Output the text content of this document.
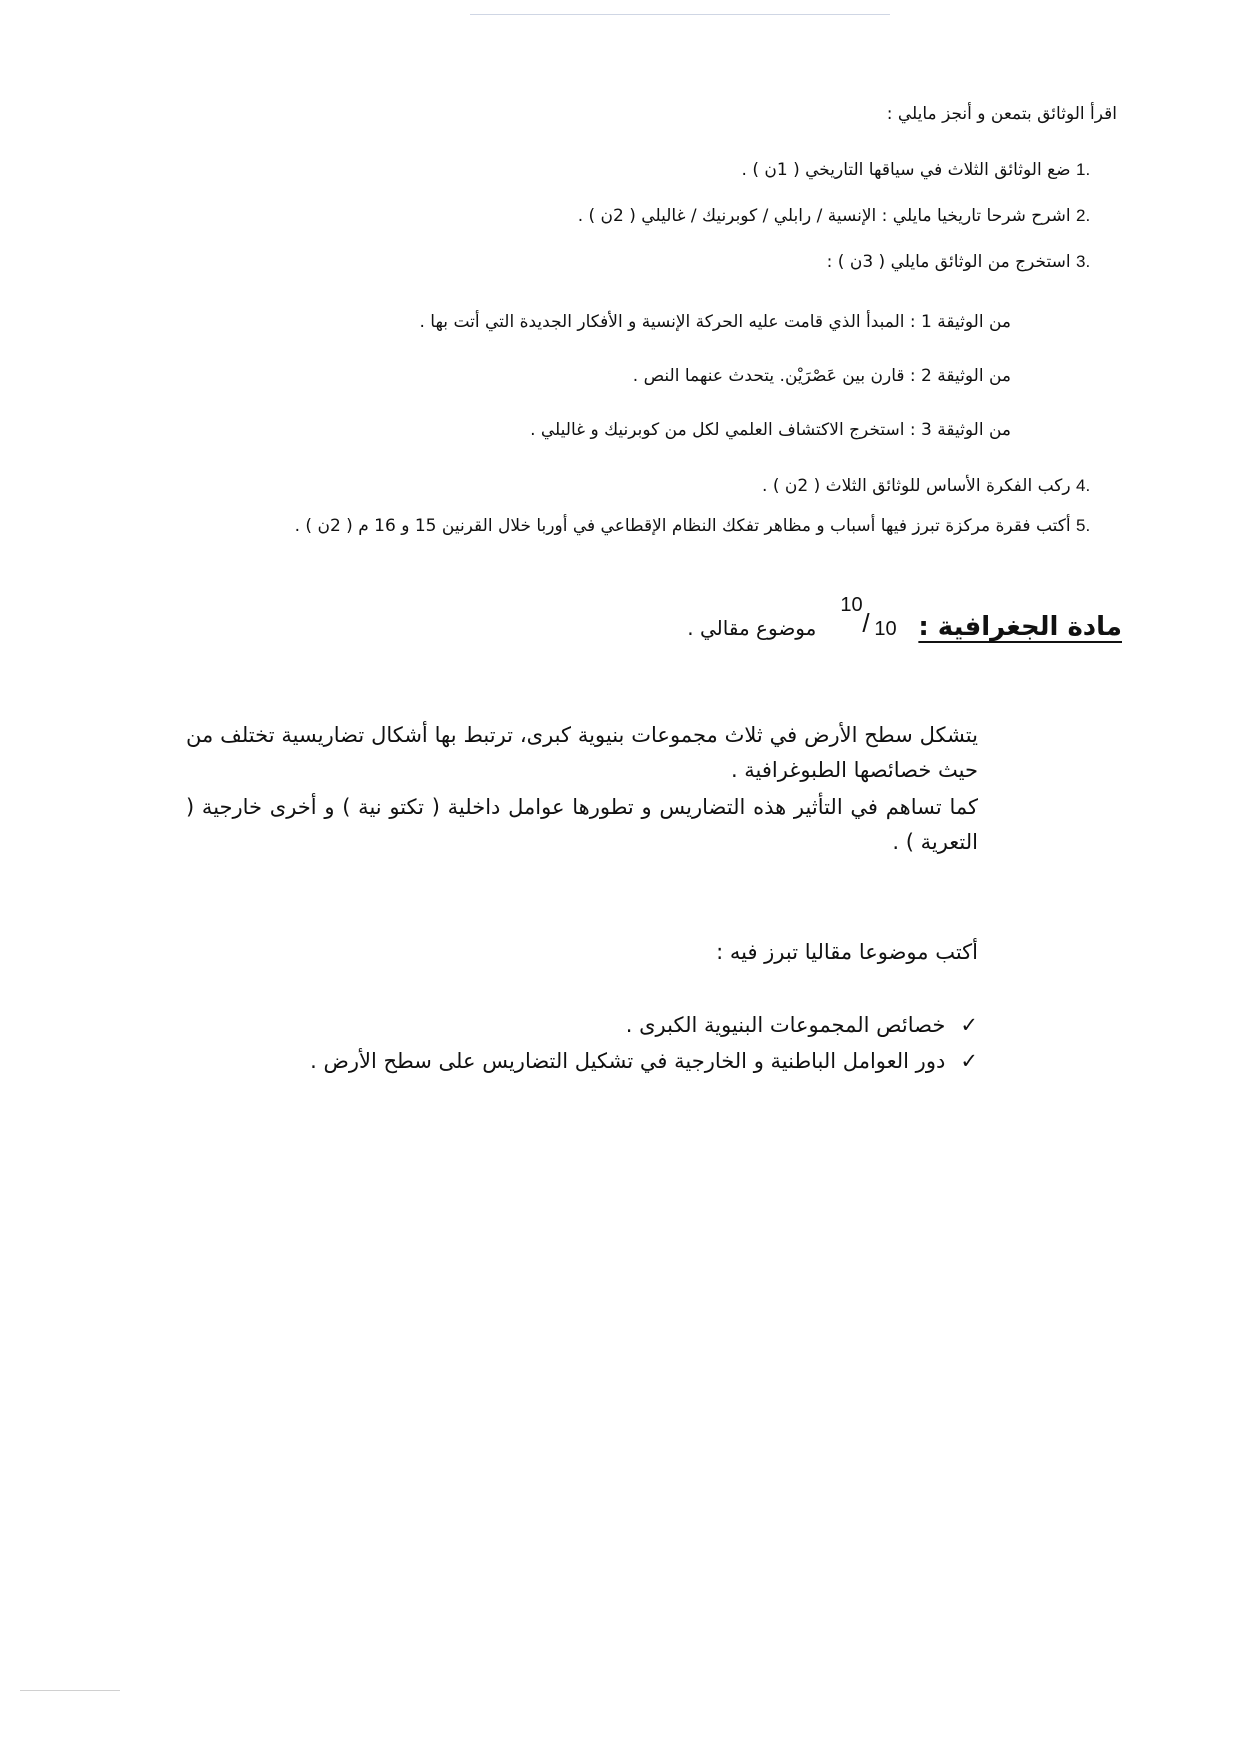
اقرأ الوثائق بتمعن و أنجز مايلي :
1. ضع الوثائق الثلاث في سياقها التاريخي ( 1ن ) .
2. اشرح شرحا تاريخيا مايلي : الإنسية / رابلي / كوبرنيك / غاليلي ( 2ن ) .
3. استخرج من الوثائق مايلي ( 3ن ) :
من الوثيقة 1 : المبدأ الذي قامت عليه الحركة الإنسية و الأفكار الجديدة التي أتت بها .
من الوثيقة 2 : قارن بين عَصْرَيْن. يتحدث عنهما النص .
من الوثيقة 3 : استخرج الاكتشاف العلمي لكل من كوبرنيك و غاليلي .
4. ركب الفكرة الأساس للوثائق الثلاث ( 2ن ) .
5. أكتب فقرة مركزة تبرز فيها أسباب و مظاهر تفكك النظام الإقطاعي في أوربا خلال القرنين 15 و 16 م ( 2ن ) .
مادة الجغرافية :
10
/ 10
موضوع مقالي .
يتشكل سطح الأرض في ثلاث مجموعات بنيوية كبرى، ترتبط بها أشكال تضاريسية تختلف من حيث خصائصها الطبوغرافية .
كما تساهم في التأثير هذه التضاريس و تطورها عوامل داخلية ( تكتو نية ) و أخرى خارجية ( التعرية ) .
أكتب موضوعا مقاليا تبرز فيه :
✓ خصائص المجموعات البنيوية الكبرى .
✓ دور العوامل الباطنية و الخارجية في تشكيل التضاريس على سطح الأرض .
